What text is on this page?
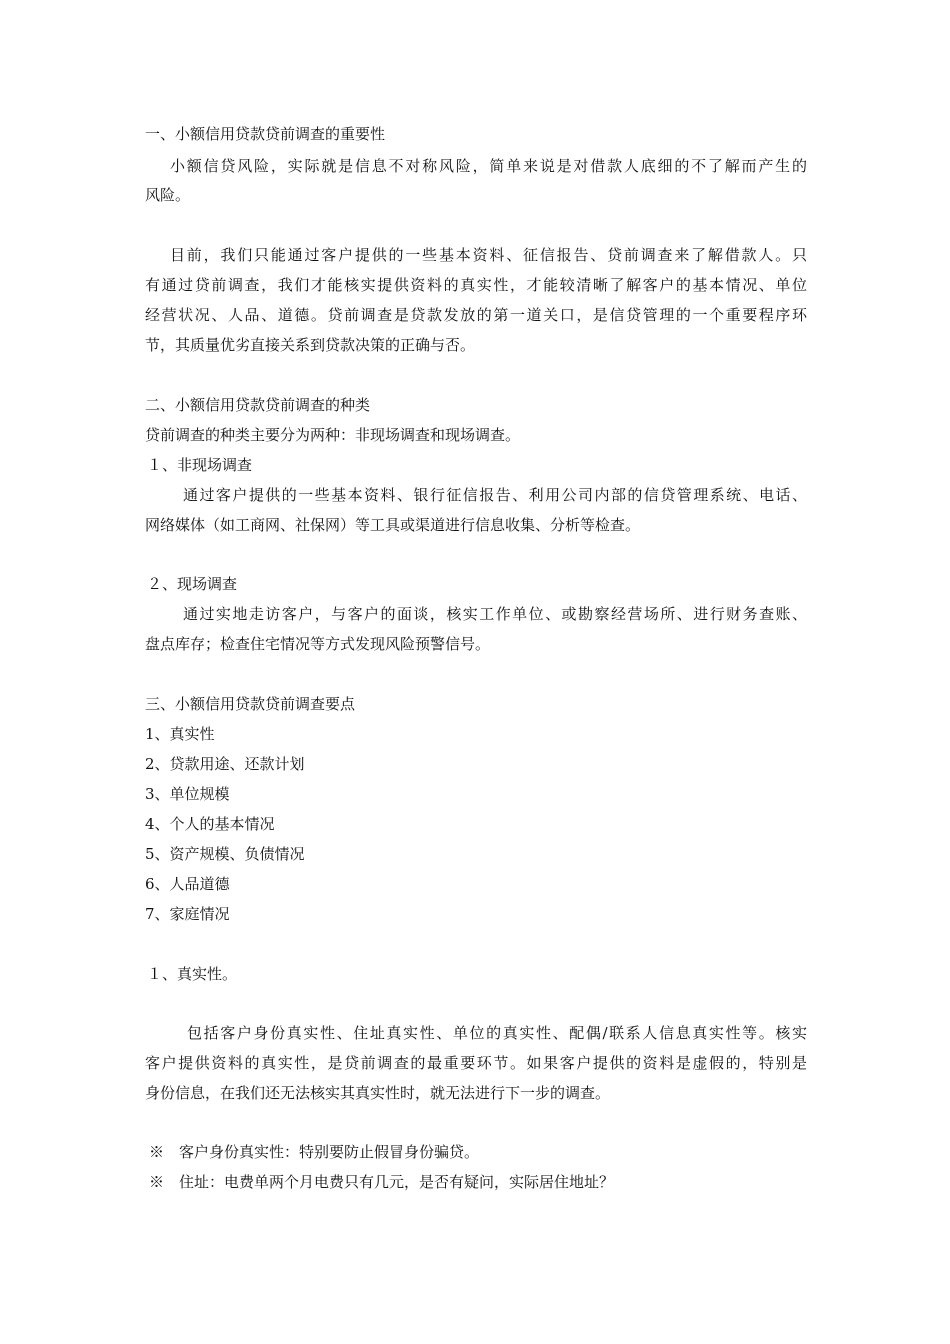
一、小额信用贷款贷前调查的重要性
小额信贷风险，实际就是信息不对称风险，简单来说是对借款人底细的不了解而产生的
风险。
目前，我们只能通过客户提供的一些基本资料、征信报告、贷前调查来了解借款人。只
有通过贷前调查，我们才能核实提供资料的真实性，才能较清晰了解客户的基本情况、单位
经营状况、人品、道德。贷前调查是贷款发放的第一道关口，是信贷管理的一个重要程序环
节，其质量优劣直接关系到贷款决策的正确与否。
二、小额信用贷款贷前调查的种类
贷前调查的种类主要分为两种：非现场调查和现场调查。
１、非现场调查
通过客户提供的一些基本资料、银行征信报告、利用公司内部的信贷管理系统、电话、
网络媒体（如工商网、社保网）等工具或渠道进行信息收集、分析等检查。
２、现场调查
通过实地走访客户，与客户的面谈，核实工作单位、或勘察经营场所、进行财务查账、
盘点库存；检查住宅情况等方式发现风险预警信号。
三、小额信用贷款贷前调查要点
1、真实性
2、贷款用途、还款计划
3、单位规模
4、个人的基本情况
5、资产规模、负债情况
6、人品道德
7、家庭情况
１、真实性。
包括客户身份真实性、住址真实性、单位的真实性、配偶/联系人信息真实性等。核实
客户提供资料的真实性，是贷前调查的最重要环节。如果客户提供的资料是虚假的，特别是
身份信息，在我们还无法核实其真实性时，就无法进行下一步的调查。
※　客户身份真实性：特别要防止假冒身份骗贷。
※　住址：电费单两个月电费只有几元，是否有疑问，实际居住地址？
